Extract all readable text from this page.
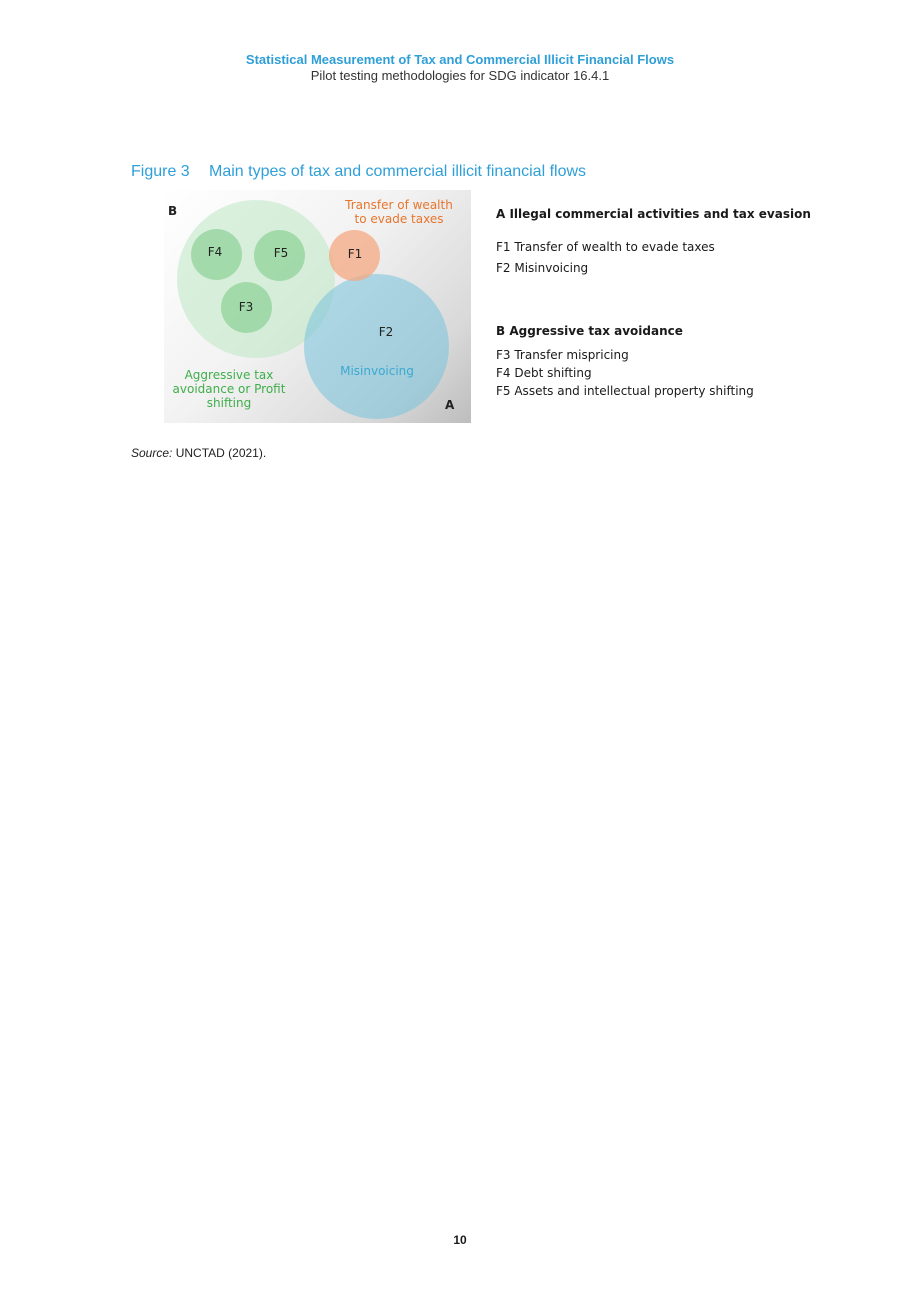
Statistical Measurement of Tax and Commercial Illicit Financial Flows
Pilot testing methodologies for SDG indicator 16.4.1
Figure 3 Main types of tax and commercial illicit financial flows
B
A
F4	F5	F1
F3
F2
Transfer of wealth
to evade taxes
Aggressive tax
avoidance or Profit
shifting
Misinvoicing
A Illegal commercial activities and tax evasion
F1 Transfer of wealth to evade taxes
F2 Misinvoicing
B Aggressive tax avoidance
F3 Transfer mispricing
F4 Debt shifting
F5 Assets and intellectual property shifting
Source: UNCTAD (2021).
10
